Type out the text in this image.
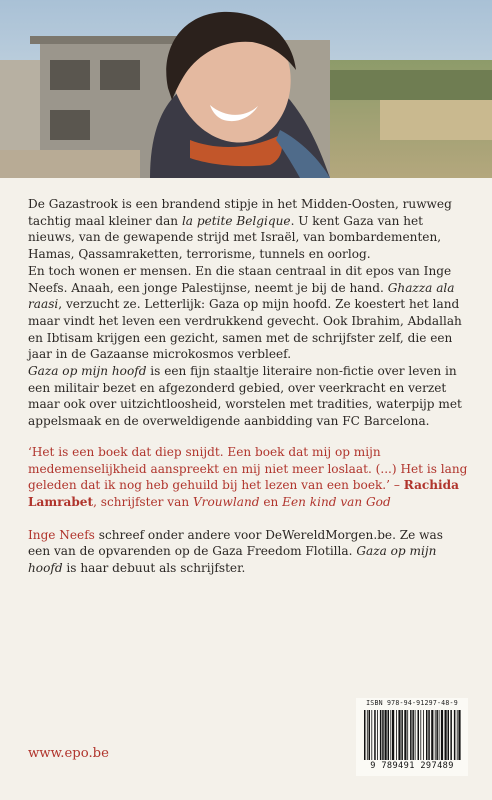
De Gazastrook is een brandend stipje in het Midden-Oosten, ruwweg tachtig maal kleiner dan la petite Belgique. U kent Gaza van het nieuws, van de gewapende strijd met Israël, van bombardementen, Hamas, Qassamraketten, terrorisme, tunnels en oorlog.

En toch wonen er mensen. En die staan centraal in dit epos van Inge Neefs. Anaah, een jonge Palestijnse, neemt je bij de hand. Ghazza ala raasi, verzucht ze. Letterlijk: Gaza op mijn hoofd. Ze koestert het land maar vindt het leven een verdrukkend gevecht. Ook Ibrahim, Abdallah en Ibtisam krijgen een gezicht, samen met de schrijfster zelf, die een jaar in de Gazaanse microkosmos verbleef.

Gaza op mijn hoofd is een fijn staaltje literaire non-fictie over leven in een militair bezet en afgezonderd gebied, over veerkracht en verzet maar ook over uitzichtloosheid, worstelen met tradities, waterpijp met appelsmaak en de overweldigende aanbidding van FC Barcelona.

‘Het is een boek dat diep snijdt. Een boek dat mij op mijn medemenselijkheid aanspreekt en mij niet meer loslaat. (...) Het is lang geleden dat ik nog heb gehuild bij het lezen van een boek.’ – Rachida Lamrabet, schrijfster van Vrouwland en Een kind van God

Inge Neefs schreef onder andere voor DeWereldMorgen.be. Ze was een van de opvarenden op de Gaza Freedom Flotilla. Gaza op mijn hoofd is haar debuut als schrijfster.

www.epo.be
ISBN 978-94-91297-48-9
9 789491 297489
